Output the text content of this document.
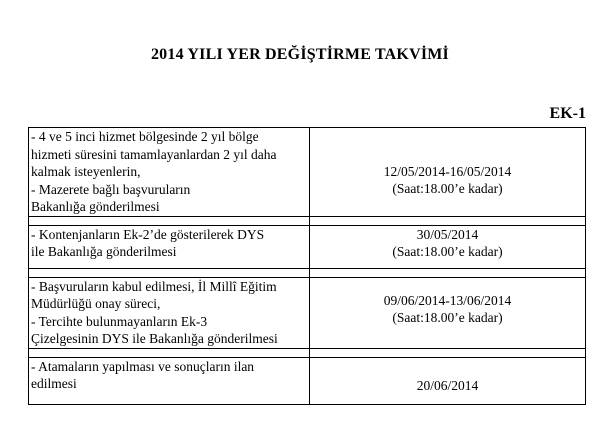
2014 YILI YER DEĞİŞTİRME TAKVİMİ
EK-1
- 4 ve 5 inci hizmet bölgesinde 2 yıl bölge
hizmeti süresini tamamlayanlardan 2 yıl daha
kalmak isteyenlerin,
- Mazerete bağlı başvuruların
Bakanlığa gönderilmesi	12/05/2014-16/05/2014
(Saat:18.00’e kadar)

- Kontenjanların Ek-2’de gösterilerek DYS
ile Bakanlığa gönderilmesi	30/05/2014
(Saat:18.00’e kadar)

- Başvuruların kabul edilmesi, İl Millî Eğitim
Müdürlüğü onay süreci,
- Tercihte bulunmayanların Ek-3
Çizelgesinin DYS ile Bakanlığa gönderilmesi	09/06/2014-13/06/2014
(Saat:18.00’e kadar)

- Atamaların yapılması ve sonuçların ilan
edilmesi	20/06/2014
